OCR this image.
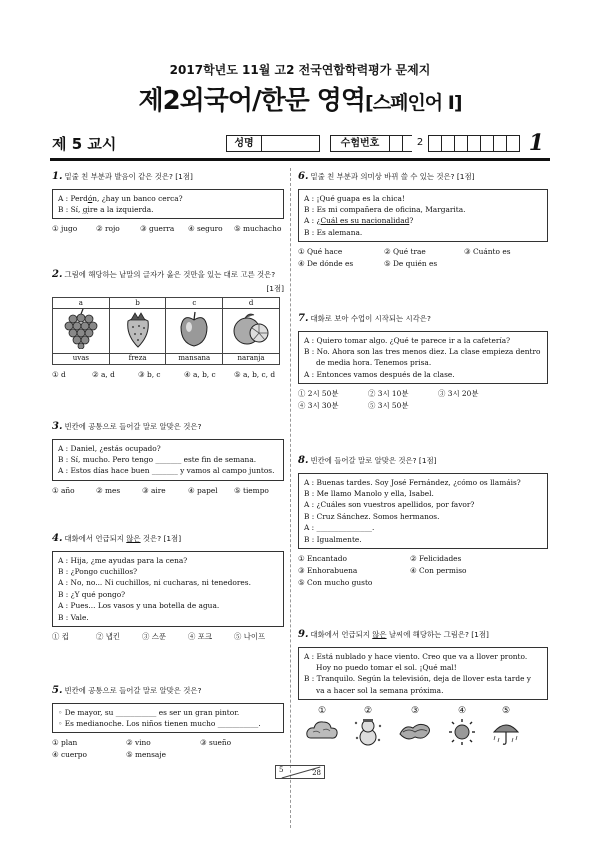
2017학년도 11월 고2 전국연합학력평가 문제지
제2외국어/한문 영역[스페인어 Ⅰ]
제 5 교시	성명	수험번호	1
2
1. 밑줄 친 부분과 발음이 같은 것은? [1점]
A : Perdón, ¿hay un banco cerca?
B : Sí, gire a la izquierda.
① jugo	② rojo	③ guerra	④ seguro	⑤ muchacho
2. 그림에 해당하는 낱말의 글자가 옳은 것만을 있는 대로 고른 것은?
[1점]
a	b	c	d

uvas	freza	mansana	naranja
① d	② a, d	③ b, c	④ a, b, c	⑤ a, b, c, d
3. 빈칸에 공통으로 들어갈 말로 알맞은 것은?
A : Daniel, ¿estás ocupado?
B : Sí, mucho. Pero tengo _______ este fin de semana.
A : Estos días hace buen _______ y vamos al campo juntos.
① año	② mes	③ aire	④ papel	⑤ tiempo
4. 대화에서 언급되지 않은 것은? [1점]
A : Hija, ¿me ayudas para la cena?
B : ¿Pongo cuchillos?
A : No, no... Ni cuchillos, ni cucharas, ni tenedores.
B : ¿Y qué pongo?
A : Pues... Los vasos y una botella de agua.
B : Vale.
① 컵	② 냅킨	③ 스푼	④ 포크	⑤ 나이프
5. 빈칸에 공통으로 들어갈 말로 알맞은 것은?
◦ De mayor, su ___________ es ser un gran pintor.
◦ Es medianoche. Los niños tienen mucho ___________.
① plan	② vino	③ sueño
④ cuerpo	⑤ mensaje
6. 밑줄 친 부분과 의미상 바뀌 쓸 수 있는 것은? [1점]
A : ¡Qué guapa es la chica!
B : Es mi compañera de oficina, Margarita.
A : ¿Cuál es su nacionalidad?
B : Es alemana.
① Qué hace	② Qué trae	③ Cuánto es
④ De dónde es	⑤ De quién es
7. 대화로 보아 수업이 시작되는 시각은?
A : Quiero tomar algo. ¿Qué te parece ir a la cafetería?
B : No. Ahora son las tres menos diez. La clase empieza dentro
de media hora. Tenemos prisa.
A : Entonces vamos después de la clase.
① 2시 50분	② 3시 10분	③ 3시 20분
④ 3시 30분	⑤ 3시 50분
8. 빈칸에 들어갈 말로 알맞은 것은? [1점]
A : Buenas tardes. Soy José Fernández, ¿cómo os llamáis?
B : Me llamo Manolo y ella, Isabel.
A : ¿Cuáles son vuestros apellidos, por favor?
B : Cruz Sánchez. Somos hermanos.
A : _______________.
B : Igualmente.
① Encantado	② Felicidades
③ Enhorabuena	④ Con permiso
⑤ Con mucho gusto
9. 대화에서 언급되지 않은 날씨에 해당하는 그림은? [1점]
A : Está nublado y hace viento. Creo que va a llover pronto.
Hoy no puedo tomar el sol. ¡Qué mal!
B : Tranquilo. Según la televisión, deja de llover esta tarde y
va a hacer sol la semana próxima.
①	②	③	④	⑤
5	28
